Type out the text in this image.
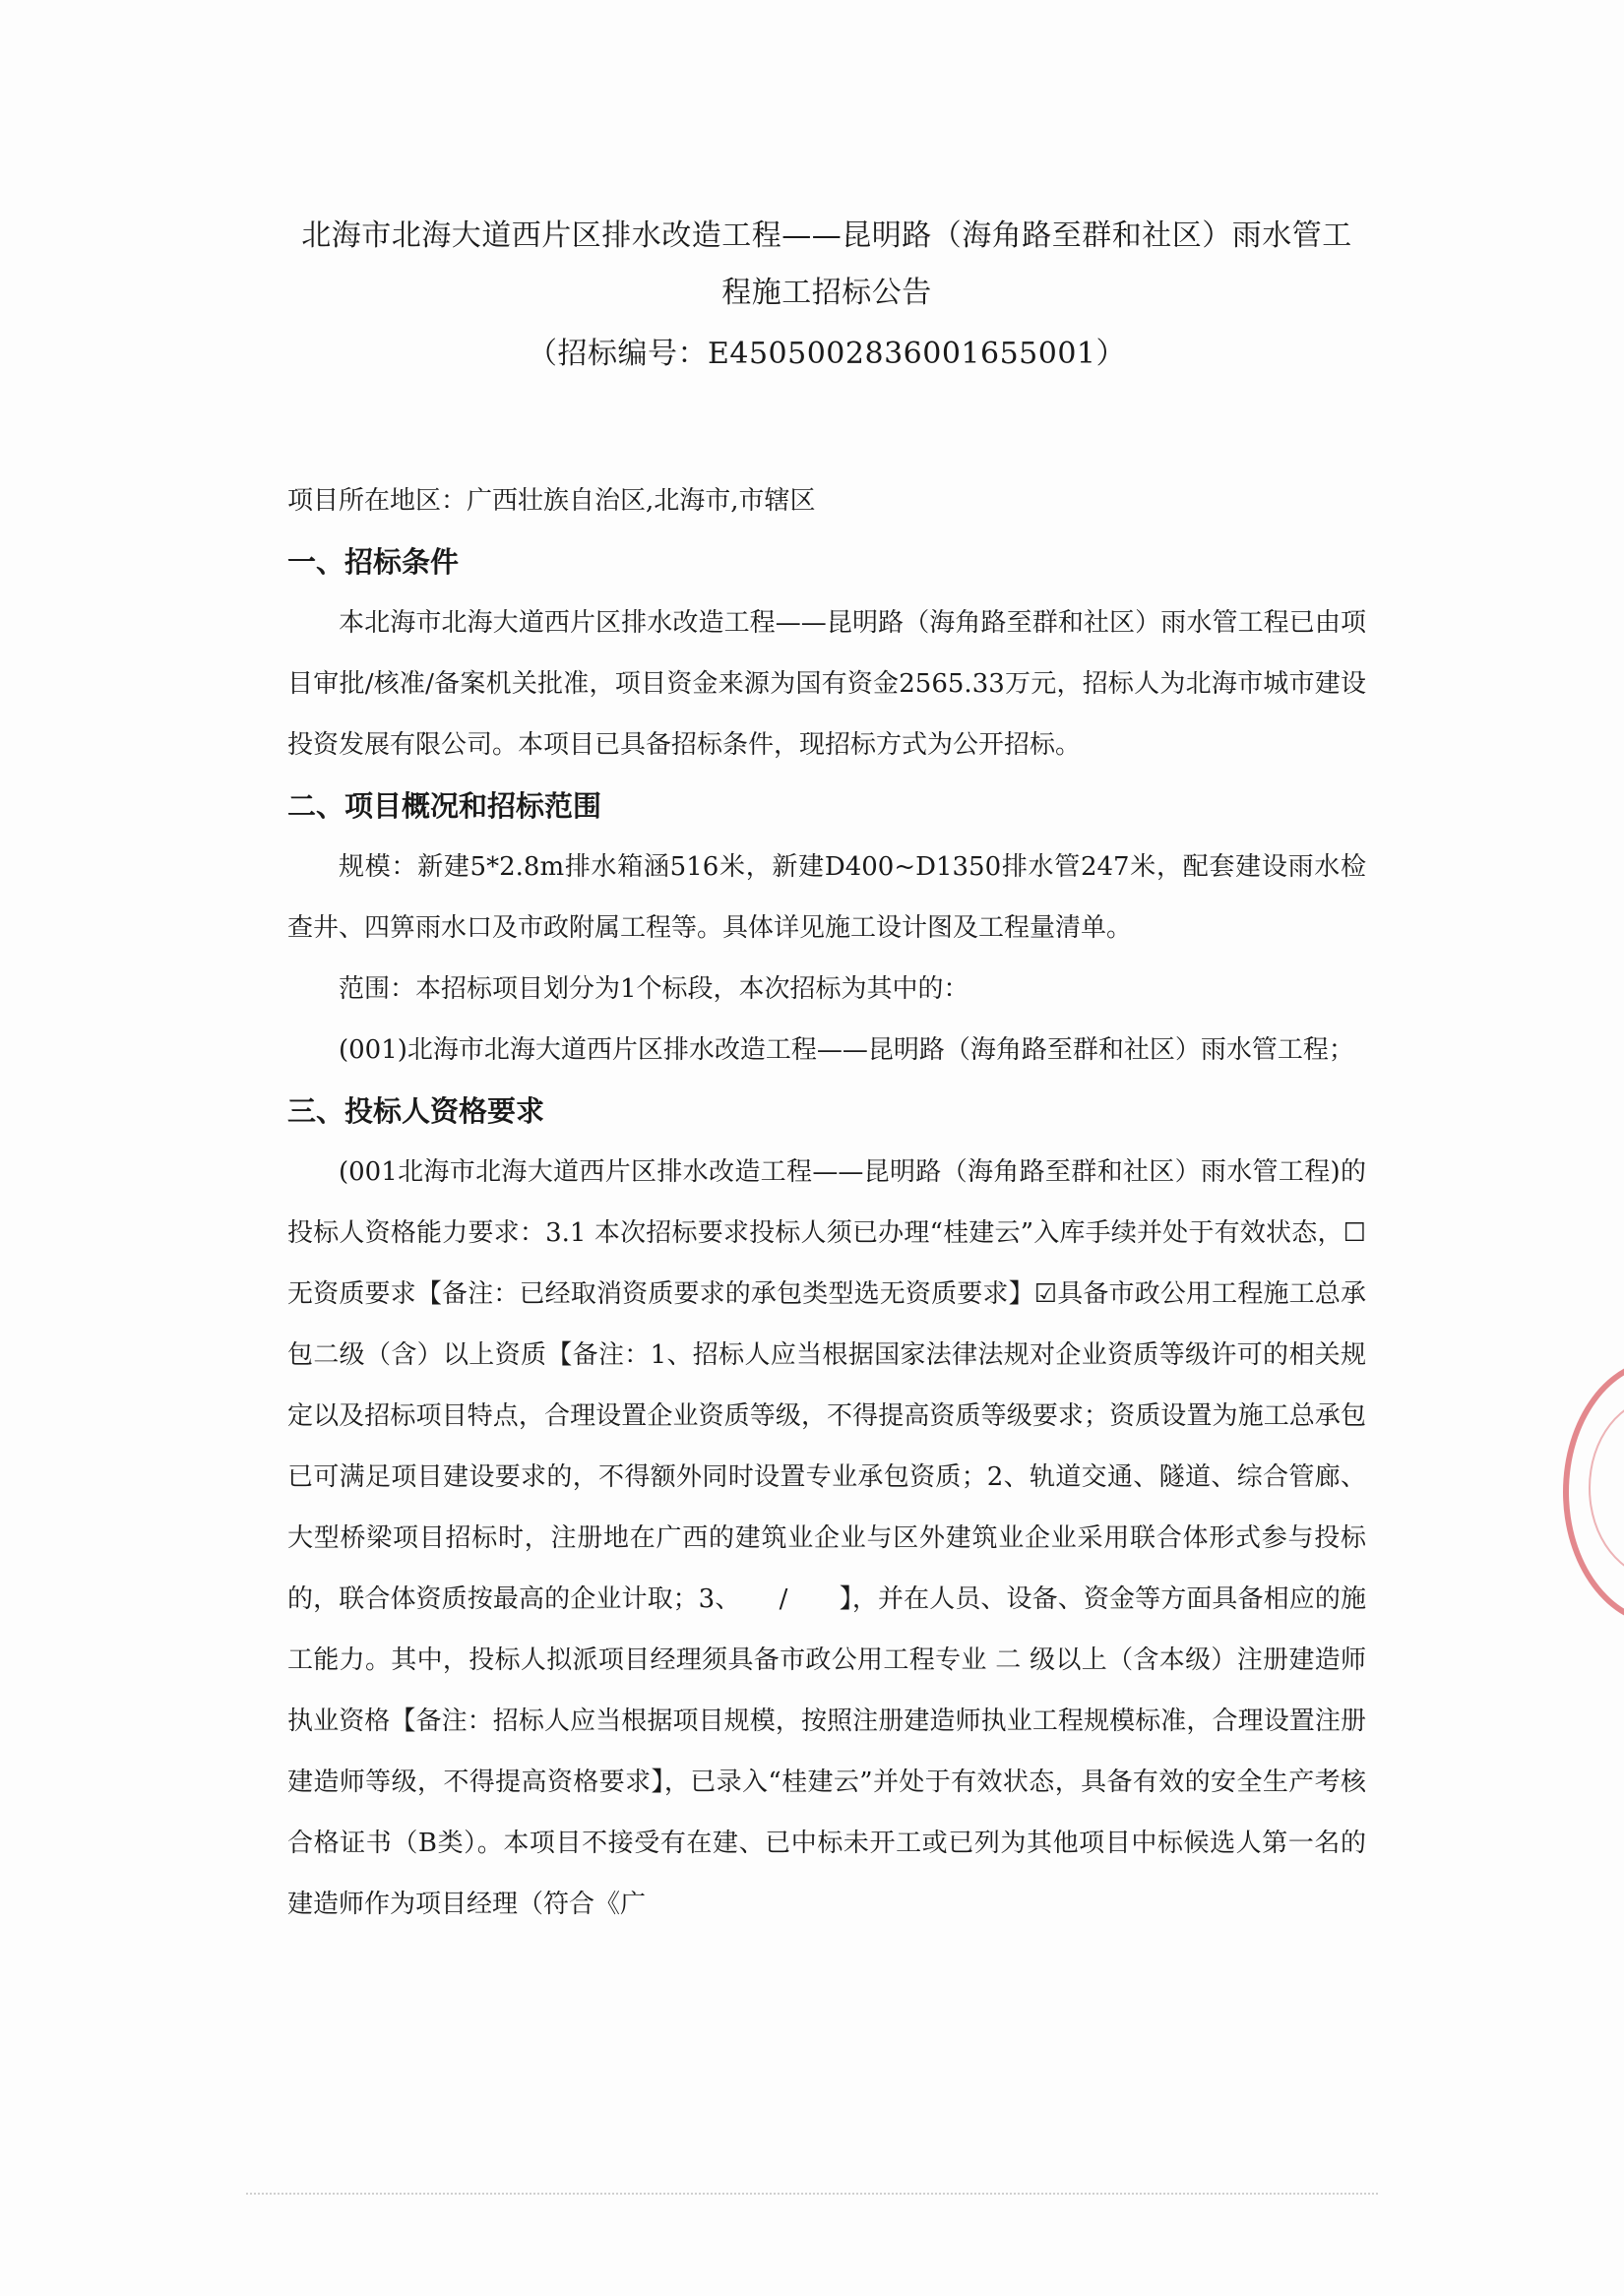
北海市北海大道西片区排水改造工程——昆明路（海角路至群和社区）雨水管工
程施工招标公告
（招标编号：E4505002836001655001）

项目所在地区：广西壮族自治区,北海市,市辖区

一、招标条件

本北海市北海大道西片区排水改造工程——昆明路（海角路至群和社区）雨水管工程已由项目审批/核准/备案机关批准，项目资金来源为国有资金2565.33万元，招标人为北海市城市建设投资发展有限公司。本项目已具备招标条件，现招标方式为公开招标。

二、项目概况和招标范围

规模：新建5*2.8m排水箱涵516米，新建D400~D1350排水管247米，配套建设雨水检查井、四箅雨水口及市政附属工程等。具体详见施工设计图及工程量清单。

范围：本招标项目划分为1个标段，本次招标为其中的：

(001)北海市北海大道西片区排水改造工程——昆明路（海角路至群和社区）雨水管工程；

三、投标人资格要求

(001北海市北海大道西片区排水改造工程——昆明路（海角路至群和社区）雨水管工程)的投标人资格能力要求：3.1 本次招标要求投标人须已办理“桂建云”入库手续并处于有效状态，☐无资质要求【备注：已经取消资质要求的承包类型选无资质要求】☑具备市政公用工程施工总承包二级（含）以上资质【备注：1、招标人应当根据国家法律法规对企业资质等级许可的相关规定以及招标项目特点，合理设置企业资质等级，不得提高资质等级要求；资质设置为施工总承包已可满足项目建设要求的，不得额外同时设置专业承包资质；2、轨道交通、隧道、综合管廊、大型桥梁项目招标时，注册地在广西的建筑业企业与区外建筑业企业采用联合体形式参与投标的，联合体资质按最高的企业计取；3、　　/　　】，并在人员、设备、资金等方面具备相应的施工能力。其中，投标人拟派项目经理须具备市政公用工程专业 二 级以上（含本级）注册建造师执业资格【备注：招标人应当根据项目规模，按照注册建造师执业工程规模标准，合理设置注册建造师等级，不得提高资格要求】，已录入“桂建云”并处于有效状态，具备有效的安全生产考核合格证书（B类）。本项目不接受有在建、已中标未开工或已列为其他项目中标候选人第一名的建造师作为项目经理（符合《广
